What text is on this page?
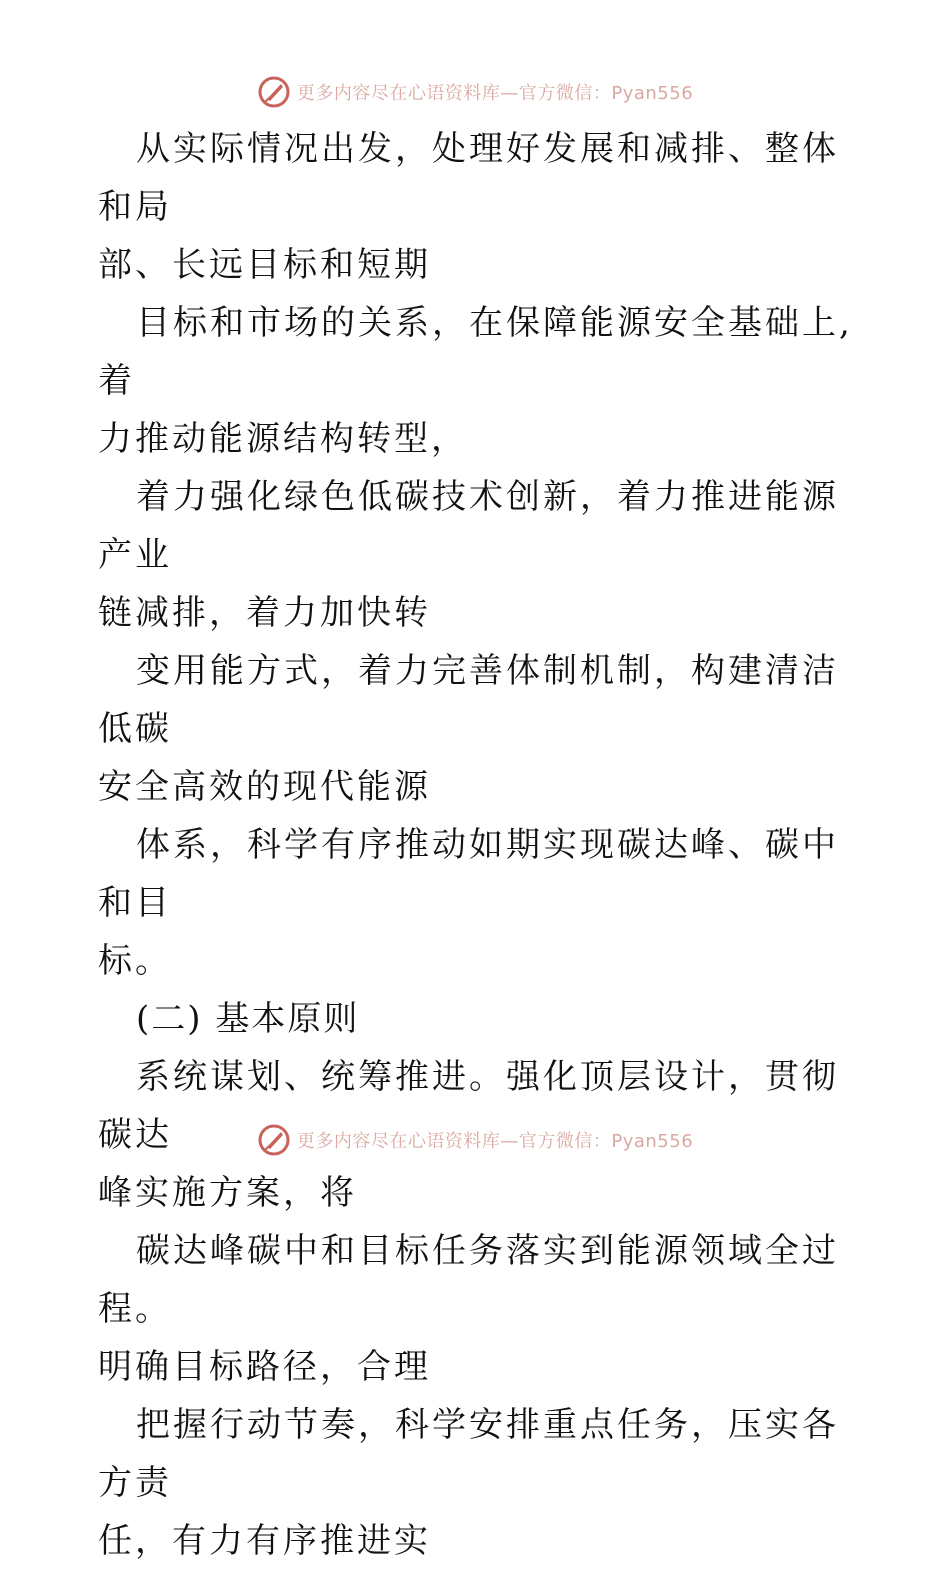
更多内容尽在心语资料库—官方微信：Pyan556

从实际情况出发，处理好发展和减排、整体和局
部、长远目标和短期

目标和市场的关系，在保障能源安全基础上,着
力推动能源结构转型，

着力强化绿色低碳技术创新，着力推进能源产业
链减排，着力加快转

变用能方式，着力完善体制机制，构建清洁低碳
安全高效的现代能源

体系，科学有序推动如期实现碳达峰、碳中和目
标。

(二) 基本原则

系统谋划、统筹推进。强化顶层设计，贯彻碳达
峰实施方案，将

碳达峰碳中和目标任务落实到能源领域全过程。
明确目标路径，合理

把握行动节奏，科学安排重点任务，压实各方责
任，有力有序推进实

更多内容尽在心语资料库—官方微信：Pyan556
